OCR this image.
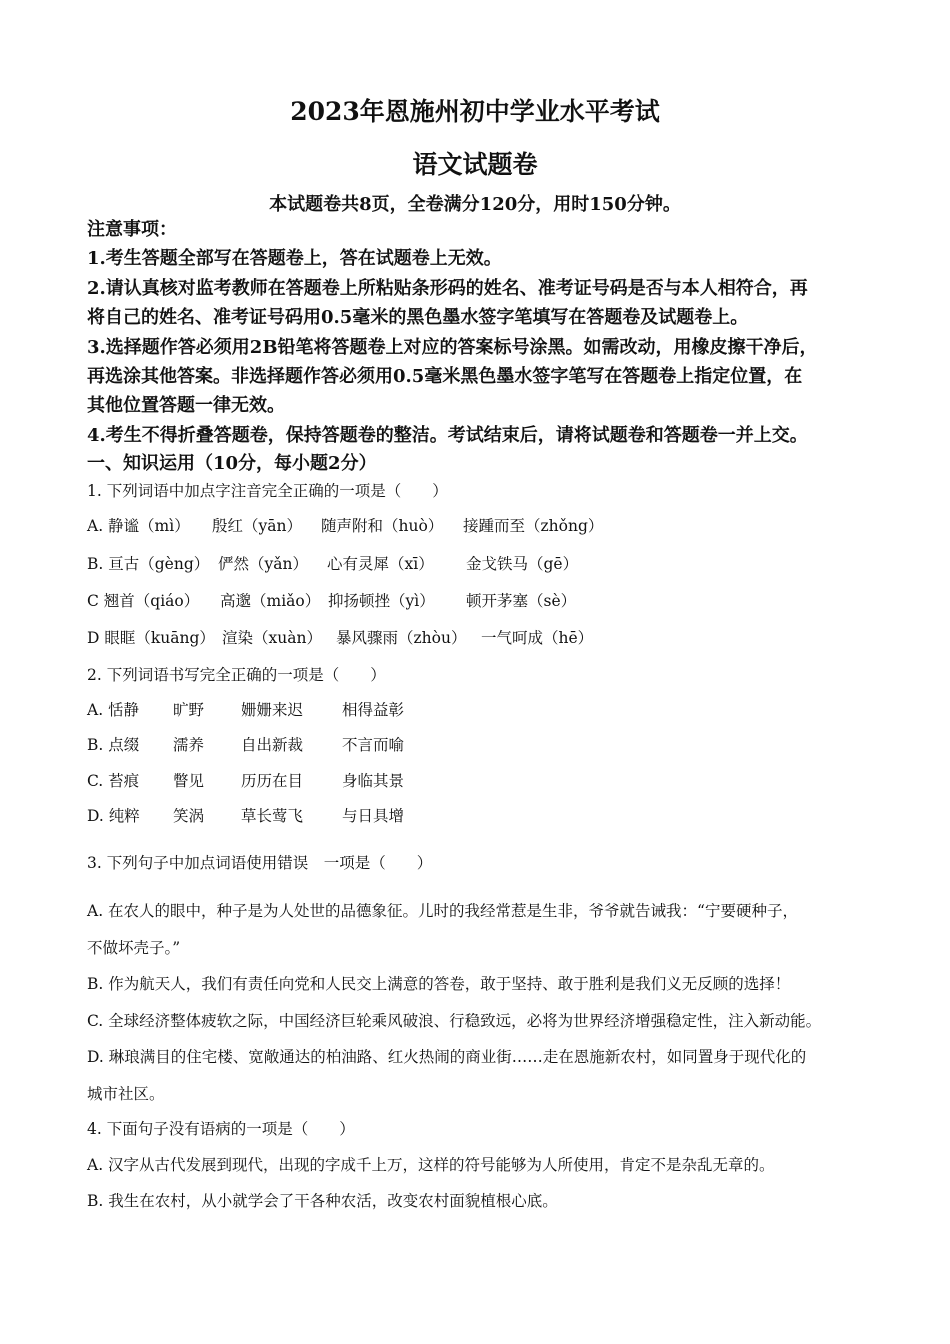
2023年恩施州初中学业水平考试
语文试题卷
本试题卷共8页，全卷满分120分，用时150分钟。
注意事项：
1.考生答题全部写在答题卷上，答在试题卷上无效。
2.请认真核对监考教师在答题卷上所粘贴条形码的姓名、准考证号码是否与本人相符合，再
将自己的姓名、准考证号码用0.5毫米的黑色墨水签字笔填写在答题卷及试题卷上。
3.选择题作答必须用2B铅笔将答题卷上对应的答案标号涂黑。如需改动，用橡皮擦干净后，
再选涂其他答案。非选择题作答必须用0.5毫米黑色墨水签字笔写在答题卷上指定位置，在
其他位置答题一律无效。
4.考生不得折叠答题卷，保持答题卷的整洁。考试结束后，请将试题卷和答题卷一并上交。
一、知识运用（10分，每小题2分）
1. 下列词语中加点字注音完全正确的一项是（　　）
A. 静谧（mì） 殷红（yān） 随声附和（huò） 接踵而至（zhǒng）
B. 亘古（gèng） 俨然（yǎn） 心有灵犀（xī） 金戈铁马（gē）
C 翘首（qiáo） 高邈（miǎo） 抑扬顿挫（yì） 顿开茅塞（sè）
D 眼眶（kuāng） 渲染（xuàn） 暴风骤雨（zhòu） 一气呵成（hē）
2. 下列词语书写完全正确的一项是（　　）
A. 恬静 旷野 姗姗来迟	相得益彰
B. 点缀 濡养 自出新裁	不言而喻
C. 苔痕 瞥见 历历在目	身临其景
D. 纯粹 笑涡 草长莺飞	与日具增
3. 下列句子中加点词语使用错误　一项是（　　）
A. 在农人的眼中，种子是为人处世的品德象征。儿时的我经常惹是生非，爷爷就告诫我：“宁要硬种子，
不做坏壳子。”
B. 作为航天人，我们有责任向党和人民交上满意的答卷，敢于坚持、敢于胜利是我们义无反顾的选择！
C. 全球经济整体疲软之际，中国经济巨轮乘风破浪、行稳致远，必将为世界经济增强稳定性，注入新动能。
D. 琳琅满目的住宅楼、宽敞通达的柏油路、红火热闹的商业街……走在恩施新农村，如同置身于现代化的
城市社区。
4. 下面句子没有语病的一项是（　　）
A. 汉字从古代发展到现代，出现的字成千上万，这样的符号能够为人所使用，肯定不是杂乱无章的。
B. 我生在农村，从小就学会了干各种农活，改变农村面貌植根心底。
